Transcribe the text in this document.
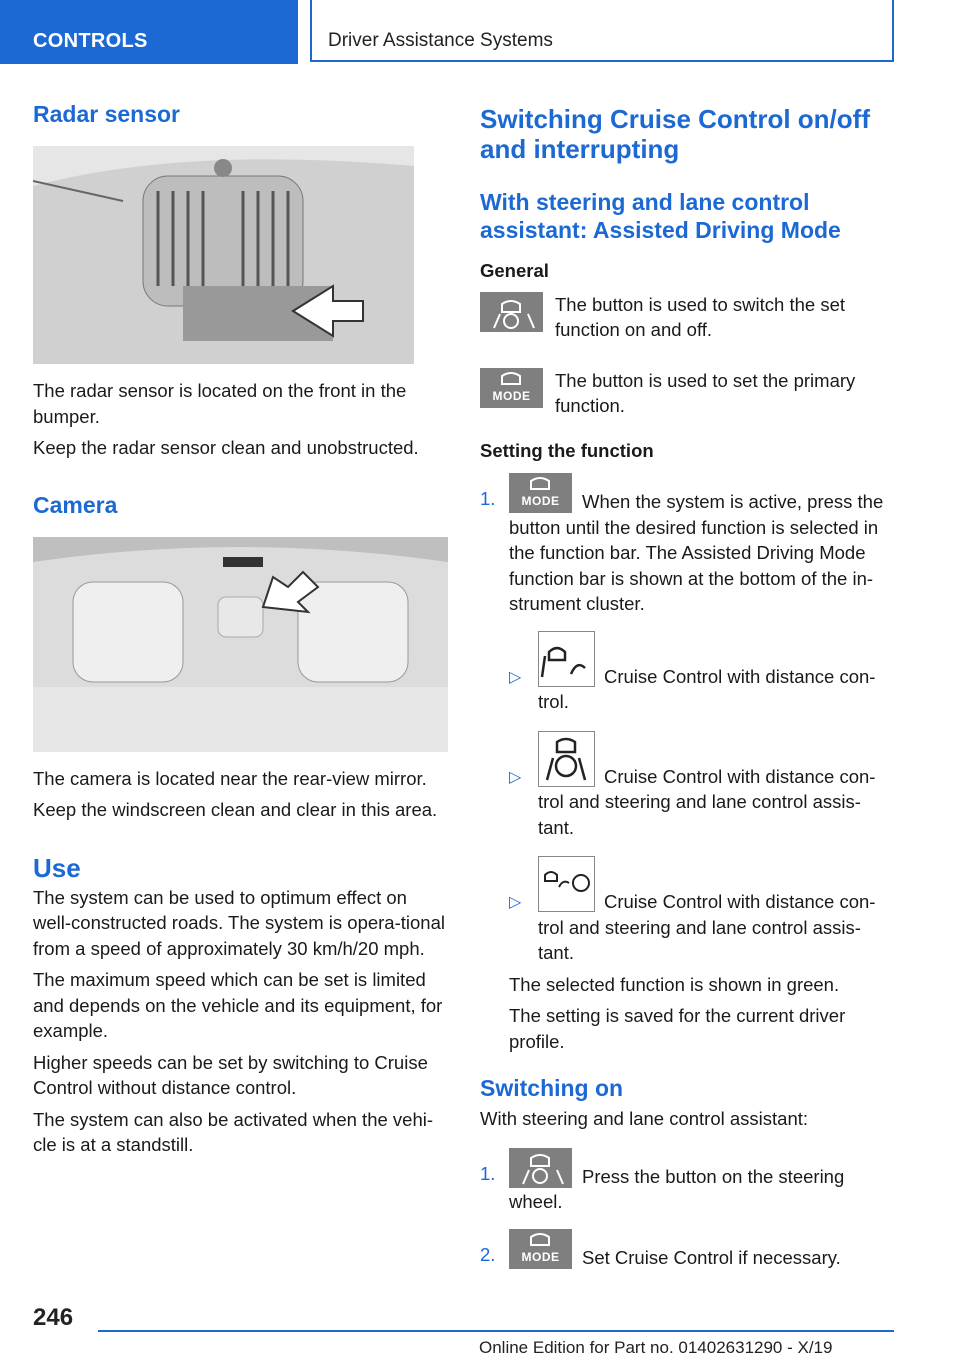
CONTROLS	Driver Assistance Systems
Radar sensor

The radar sensor is located on the front in the bumper.

Keep the radar sensor clean and unobstructed.

Camera

The camera is located near the rear-view mirror.

Keep the windscreen clean and clear in this area.

Use

The system can be used to optimum effect on well-constructed roads. The system is opera-tional from a speed of approximately 30 km/h/20 mph.

The maximum speed which can be set is limited and depends on the vehicle and its equipment, for example.

Higher speeds can be set by switching to Cruise Control without distance control.

The system can also be activated when the vehi-cle is at a standstill.

Switching Cruise Control on/off and interrupting
With steering and lane control assistant: Assisted Driving Mode

General

The button is used to switch the set function on and off.

MODE

The button is used to set the primary function.

Setting the function

1.	MODE	When the system is active, press the button until the desired function is selected in the function bar. The Assisted Driving Mode function bar is shown at the bottom of the in-strument cluster.

▷	Cruise Control with distance con-trol.

▷	Cruise Control with distance con-trol and steering and lane control assis-tant.

▷	Cruise Control with distance con-trol and steering and lane control assis-tant.

The selected function is shown in green.

The setting is saved for the current driver profile.

Switching on

With steering and lane control assistant:

1.	Press the button on the steering wheel.

2.	MODE	Set Cruise Control if necessary.

246
Online Edition for Part no. 01402631290 - X/19
